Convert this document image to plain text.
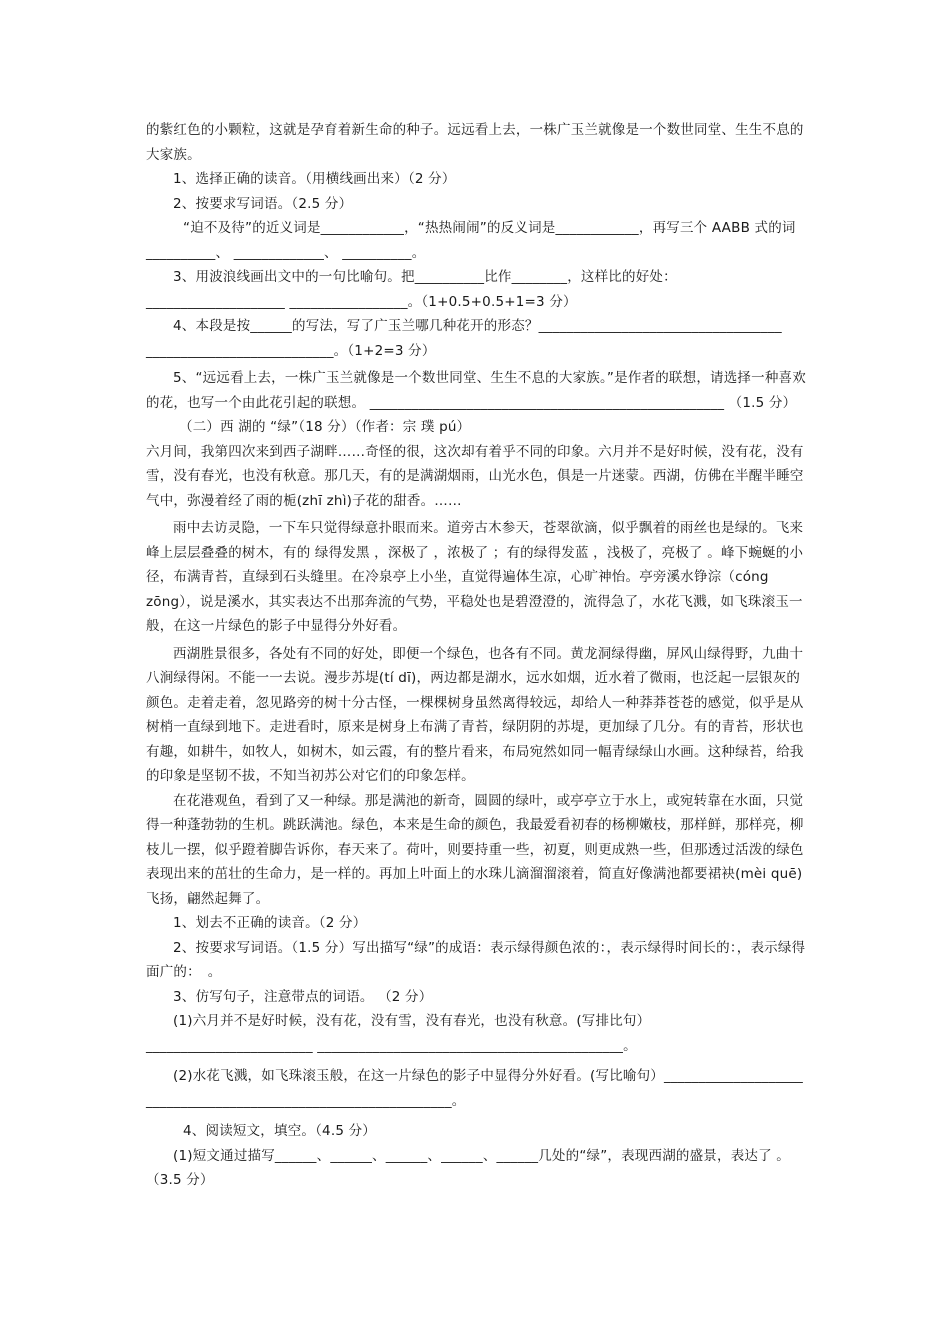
的紫红色的小颗粒，这就是孕育着新生命的种子。远远看上去，一株广玉兰就像是一个数世同堂、生生不息的大家族。

1、选择正确的读音。（用横线画出来）（2 分）

2、按要求写词语。（2.5 分）

“迫不及待”的近义词是____________，“热热闹闹”的反义词是____________，再写三个 AABB 式的词__________、 _____________、 __________。

3、用波浪线画出文中的一句比喻句。把__________比作________，这样比的好处：____________________ _________________。（1+0.5+0.5+1=3 分）

4、本段是按______的写法，写了广玉兰哪几种花开的形态？___________________________________ ___________________________。（1+2=3 分）

5、“远远看上去，一株广玉兰就像是一个数世同堂、生生不息的大家族。”是作者的联想，请选择一种喜欢的花，也写一个由此花引起的联想。 ___________________________________________________ （1.5 分）

（二）西 湖的 “绿”（18 分）（作者：宗 璞 pú）

六月间，我第四次来到西子湖畔……奇怪的很，这次却有着乎不同的印象。六月并不是好时候，没有花，没有雪，没有春光，也没有秋意。那几天，有的是满湖烟雨，山光水色，俱是一片迷蒙。西湖，仿佛在半醒半睡空气中，弥漫着经了雨的栀(zhī zhì)子花的甜香。……

雨中去访灵隐，一下车只觉得绿意扑眼而来。道旁古木参天，苍翠欲滴，似乎飘着的雨丝也是绿的。飞来峰上层层叠叠的树木，有的 绿得发黑 ，深极了 ，浓极了 ；有的绿得发蓝 ，浅极了，亮极了 。峰下蜿蜒的小径，布满青苔，直绿到石头缝里。在冷泉亭上小坐，直觉得遍体生凉，心旷神怡。亭旁溪水铮淙（cóng zōng），说是溪水，其实表达不出那奔流的气势，平稳处也是碧澄澄的，流得急了，水花飞溅，如飞珠滚玉一般，在这一片绿色的影子中显得分外好看。

西湖胜景很多，各处有不同的好处，即便一个绿色，也各有不同。黄龙洞绿得幽，屏风山绿得野，九曲十八涧绿得闲。不能一一去说。漫步苏堤(tí dī)，两边都是湖水，远水如烟，近水着了微雨，也泛起一层银灰的颜色。走着走着，忽见路旁的树十分古怪，一棵棵树身虽然离得较远，却给人一种莽莽苍苍的感觉，似乎是从树梢一直绿到地下。走进看时，原来是树身上布满了青苔，绿阴阴的苏堤，更加绿了几分。有的青苔，形状也有趣，如耕牛，如牧人，如树木，如云霞，有的整片看来，布局宛然如同一幅青绿绿山水画。这种绿苔，给我的印象是坚韧不拔，不知当初苏公对它们的印象怎样。

在花港观鱼，看到了又一种绿。那是满池的新奇，圆圆的绿叶，或亭亭立于水上，或宛转靠在水面，只觉得一种蓬勃勃的生机。跳跃满池。绿色，本来是生命的颜色，我最爱看初春的杨柳嫩枝，那样鲜，那样亮，柳枝儿一摆，似乎蹬着脚告诉你，春天来了。荷叶，则要持重一些，初夏，则更成熟一些，但那透过活泼的绿色表现出来的茁壮的生命力，是一样的。再加上叶面上的水珠儿滴溜溜滚着，简直好像满池都要裙袂(mèi quē)飞扬，翩然起舞了。

1、划去不正确的读音。（2 分）

2、按要求写词语。（1.5 分）写出描写“绿”的成语：表示绿得颜色浓的：，表示绿得时间长的：，表示绿得面广的：　。

3、仿写句子，注意带点的词语。 （2 分）

(1)六月并不是好时候，没有花，没有雪，没有春光，也没有秋意。(写排比句） ________________________ ____________________________________________。

(2)水花飞溅，如飞珠滚玉般，在这一片绿色的影子中显得分外好看。(写比喻句）____________________ ____________________________________________。

4、阅读短文，填空。（4.5 分）

(1)短文通过描写______、______、______、______、______几处的“绿”，表现西湖的盛景，表达了 。（3.5 分）
